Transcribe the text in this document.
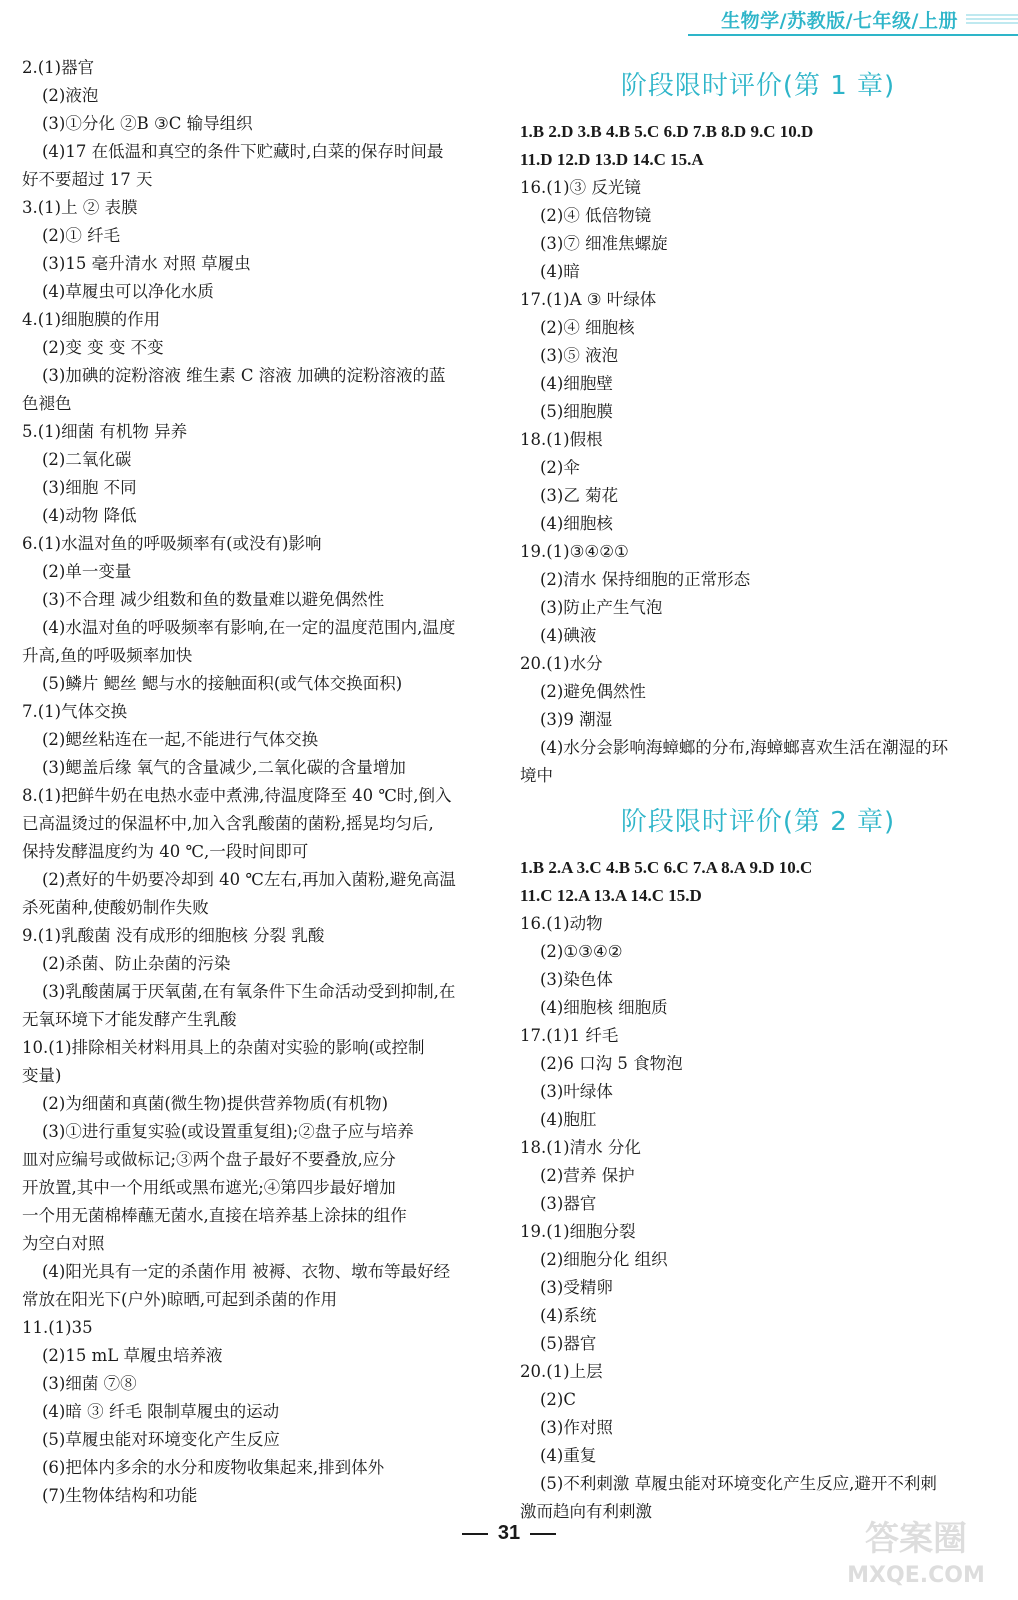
生物学/苏教版/七年级/上册
2.(1)器官
(2)液泡
(3)①分化 ②B ③C 输导组织
(4)17 在低温和真空的条件下贮藏时,白菜的保存时间最
好不要超过 17 天
3.(1)上 ② 表膜
(2)① 纤毛
(3)15 毫升清水 对照 草履虫
(4)草履虫可以净化水质
4.(1)细胞膜的作用
(2)变 变 变 不变
(3)加碘的淀粉溶液 维生素 C 溶液 加碘的淀粉溶液的蓝
色褪色
5.(1)细菌 有机物 异养
(2)二氧化碳
(3)细胞 不同
(4)动物 降低
6.(1)水温对鱼的呼吸频率有(或没有)影响
(2)单一变量
(3)不合理 减少组数和鱼的数量难以避免偶然性
(4)水温对鱼的呼吸频率有影响,在一定的温度范围内,温度
升高,鱼的呼吸频率加快
(5)鳞片 鳃丝 鳃与水的接触面积(或气体交换面积)
7.(1)气体交换
(2)鳃丝粘连在一起,不能进行气体交换
(3)鳃盖后缘 氧气的含量减少,二氧化碳的含量增加
8.(1)把鲜牛奶在电热水壶中煮沸,待温度降至 40 ℃时,倒入
已高温烫过的保温杯中,加入含乳酸菌的菌粉,摇晃均匀后,
保持发酵温度约为 40 ℃,一段时间即可
(2)煮好的牛奶要冷却到 40 ℃左右,再加入菌粉,避免高温
杀死菌种,使酸奶制作失败
9.(1)乳酸菌 没有成形的细胞核 分裂 乳酸
(2)杀菌、防止杂菌的污染
(3)乳酸菌属于厌氧菌,在有氧条件下生命活动受到抑制,在
无氧环境下才能发酵产生乳酸
10.(1)排除相关材料用具上的杂菌对实验的影响(或控制
变量)
(2)为细菌和真菌(微生物)提供营养物质(有机物)
(3)①进行重复实验(或设置重复组);②盘子应与培养
皿对应编号或做标记;③两个盘子最好不要叠放,应分
开放置,其中一个用纸或黑布遮光;④第四步最好增加
一个用无菌棉棒蘸无菌水,直接在培养基上涂抹的组作
为空白对照
(4)阳光具有一定的杀菌作用 被褥、衣物、墩布等最好经
常放在阳光下(户外)晾晒,可起到杀菌的作用
11.(1)35
(2)15 mL 草履虫培养液
(3)细菌 ⑦⑧
(4)暗 ③ 纤毛 限制草履虫的运动
(5)草履虫能对环境变化产生反应
(6)把体内多余的水分和废物收集起来,排到体外
(7)生物体结构和功能
阶段限时评价(第 1 章)
1.B 2.D 3.B 4.B 5.C 6.D 7.B 8.D 9.C 10.D
11.D 12.D 13.D 14.C 15.A
16.(1)③ 反光镜
(2)④ 低倍物镜
(3)⑦ 细准焦螺旋
(4)暗
17.(1)A ③ 叶绿体
(2)④ 细胞核
(3)⑤ 液泡
(4)细胞壁
(5)细胞膜
18.(1)假根
(2)伞
(3)乙 菊花
(4)细胞核
19.(1)③④②①
(2)清水 保持细胞的正常形态
(3)防止产生气泡
(4)碘液
20.(1)水分
(2)避免偶然性
(3)9 潮湿
(4)水分会影响海蟑螂的分布,海蟑螂喜欢生活在潮湿的环
境中
阶段限时评价(第 2 章)
1.B 2.A 3.C 4.B 5.C 6.C 7.A 8.A 9.D 10.C
11.C 12.A 13.A 14.C 15.D
16.(1)动物
(2)①③④②
(3)染色体
(4)细胞核 细胞质
17.(1)1 纤毛
(2)6 口沟 5 食物泡
(3)叶绿体
(4)胞肛
18.(1)清水 分化
(2)营养 保护
(3)器官
19.(1)细胞分裂
(2)细胞分化 组织
(3)受精卵
(4)系统
(5)器官
20.(1)上层
(2)C
(3)作对照
(4)重复
(5)不利刺激 草履虫能对环境变化产生反应,避开不利刺
激而趋向有利刺激
31	答案圈
MXQE.COM
